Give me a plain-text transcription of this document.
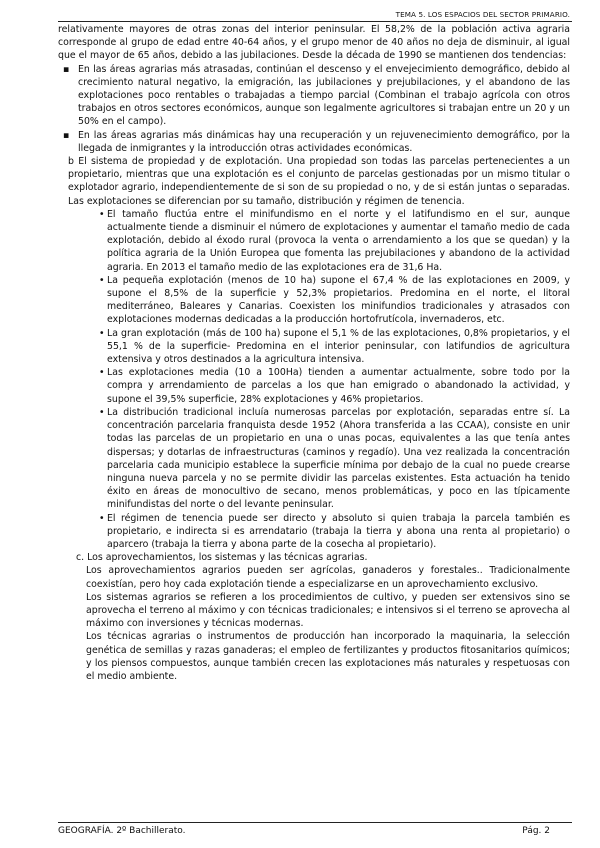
TEMA 5. LOS ESPACIOS DEL SECTOR PRIMARIO.

relativamente mayores de otras zonas del interior peninsular. El 58,2% de la población activa agraria corresponde al grupo de edad entre 40-64 años, y el grupo menor de 40 años no deja de disminuir, al igual que el mayor de 65 años, debido a las jubilaciones. Desde la década de 1990 se mantienen dos tendencias:

▪ En las áreas agrarias más atrasadas, continúan el descenso y el envejecimiento demográfico, debido al crecimiento natural negativo, la emigración, las jubilaciones y prejubilaciones, y el abandono de las explotaciones poco rentables o trabajadas a tiempo parcial (Combinan el trabajo agrícola con otros trabajos en otros sectores económicos, aunque son legalmente agricultores si trabajan entre un 20 y un 50% en el campo).
▪ En las áreas agrarias más dinámicas hay una recuperación y un rejuvenecimiento demográfico, por la llegada de inmigrantes y la introducción otras actividades económicas.

b El sistema de propiedad y de explotación. Una propiedad son todas las parcelas pertenecientes a un propietario, mientras que una explotación es el conjunto de parcelas gestionadas por un mismo titular o explotador agrario, independientemente de si son de su propiedad o no, y de si están juntas o separadas. Las explotaciones se diferencian por su tamaño, distribución y régimen de tenencia.

• El tamaño fluctúa entre el minifundismo en el norte y el latifundismo en el sur, aunque actualmente tiende a disminuir el número de explotaciones y aumentar el tamaño medio de cada explotación, debido al éxodo rural (provoca la venta o arrendamiento a los que se quedan) y la política agraria de la Unión Europea que fomenta las prejubilaciones y abandono de la actividad agraria. En 2013 el tamaño medio de las explotaciones era de 31,6 Ha.
• La pequeña explotación (menos de 10 ha) supone el 67,4 % de las explotaciones en 2009, y supone el 8,5% de la superficie y 52,3% propietarios. Predomina en el norte, el litoral mediterráneo, Baleares y Canarias. Coexisten los minifundios tradicionales y atrasados con explotaciones modernas dedicadas a la producción hortofrutícola, invernaderos, etc.
• La gran explotación (más de 100 ha) supone el 5,1 % de las explotaciones, 0,8% propietarios, y el 55,1 % de la superficie- Predomina en el interior peninsular, con latifundios de agricultura extensiva y otros destinados a la agricultura intensiva.
• Las explotaciones media (10 a 100Ha) tienden a aumentar actualmente, sobre todo por la compra y arrendamiento de parcelas a los que han emigrado o abandonado la actividad, y supone el 39,5% superficie, 28% explotaciones y 46% propietarios.
• La distribución tradicional incluía numerosas parcelas por explotación, separadas entre sí. La concentración parcelaria franquista desde 1952 (Ahora transferida a las CCAA), consiste en unir todas las parcelas de un propietario en una o unas pocas, equivalentes a las que tenía antes dispersas; y dotarlas de infraestructuras (caminos y regadío). Una vez realizada la concentración parcelaria cada municipio establece la superficie mínima por debajo de la cual no puede crearse ninguna nueva parcela y no se permite dividir las parcelas existentes. Esta actuación ha tenido éxito en áreas de monocultivo de secano, menos problemáticas, y poco en las típicamente minifundistas del norte o del levante peninsular.
• El régimen de tenencia puede ser directo y absoluto si quien trabaja la parcela también es propietario, e indirecta si es arrendatario (trabaja la tierra y abona una renta al propietario) o aparcero (trabaja la tierra y abona parte de la cosecha al propietario).

c. Los aprovechamientos, los sistemas y las técnicas agrarias.

Los aprovechamientos agrarios pueden ser agrícolas, ganaderos y forestales.. Tradicionalmente coexistían, pero hoy cada explotación tiende a especializarse en un aprovechamiento exclusivo.

Los sistemas agrarios se refieren a los procedimientos de cultivo, y pueden ser extensivos sino se aprovecha el terreno al máximo y con técnicas tradicionales; e intensivos si el terreno se aprovecha al máximo con inversiones y técnicas modernas.

Los técnicas agrarias o instrumentos de producción han incorporado la maquinaria, la selección genética de semillas y razas ganaderas; el empleo de fertilizantes y productos fitosanitarios químicos; y los piensos compuestos, aunque también crecen las explotaciones más naturales y respetuosas con el medio ambiente.

GEOGRAFÍA. 2º Bachillerato.	Pág. 2
